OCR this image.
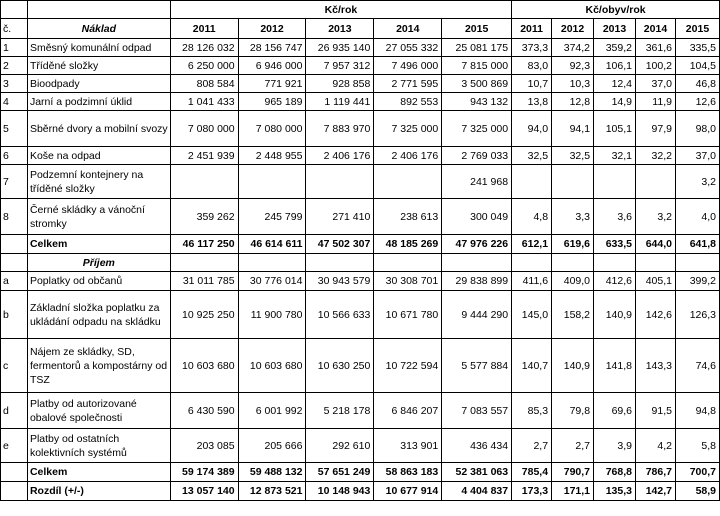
		Kč/rok					Kč/obyv/rok				
č.	Náklad	2011	2012	2013	2014	2015	2011	2012	2013	2014	2015
1	Směsný komunální odpad	28 126 032	28 156 747	26 935 140	27 055 332	25 081 175	373,3	374,2	359,2	361,6	335,5
2	Tříděné složky	6 250 000	6 946 000	7 957 312	7 496 000	7 815 000	83,0	92,3	106,1	100,2	104,5
3	Bioodpady	808 584	771 921	928 858	2 771 595	3 500 869	10,7	10,3	12,4	37,0	46,8
4	Jarní a podzimní úklid	1 041 433	965 189	1 119 441	892 553	943 132	13,8	12,8	14,9	11,9	12,6
5	Sběrné dvory a mobilní svozy	7 080 000	7 080 000	7 883 970	7 325 000	7 325 000	94,0	94,1	105,1	97,9	98,0
6	Koše na odpad	2 451 939	2 448 955	2 406 176	2 406 176	2 769 033	32,5	32,5	32,1	32,2	37,0
7	Podzemní kontejnery na tříděné složky					241 968					3,2
8	Černé skládky a vánoční stromky	359 262	245 799	271 410	238 613	300 049	4,8	3,3	3,6	3,2	4,0
	Celkem	46 117 250	46 614 611	47 502 307	48 185 269	47 976 226	612,1	619,6	633,5	644,0	641,8
	Příjem										
a	Poplatky od občanů	31 011 785	30 776 014	30 943 579	30 308 701	29 838 899	411,6	409,0	412,6	405,1	399,2
b	Základní složka poplatku za ukládání odpadu na skládku	10 925 250	11 900 780	10 566 633	10 671 780	9 444 290	145,0	158,2	140,9	142,6	126,3
c	Nájem ze skládky, SD, fermentorů a kompostárny od TSZ	10 603 680	10 603 680	10 630 250	10 722 594	5 577 884	140,7	140,9	141,8	143,3	74,6
d	Platby od autorizované obalové společnosti	6 430 590	6 001 992	5 218 178	6 846 207	7 083 557	85,3	79,8	69,6	91,5	94,8
e	Platby od ostatních kolektivních systémů	203 085	205 666	292 610	313 901	436 434	2,7	2,7	3,9	4,2	5,8
	Celkem	59 174 389	59 488 132	57 651 249	58 863 183	52 381 063	785,4	790,7	768,8	786,7	700,7
	Rozdíl (+/-)	13 057 140	12 873 521	10 148 943	10 677 914	4 404 837	173,3	171,1	135,3	142,7	58,9
